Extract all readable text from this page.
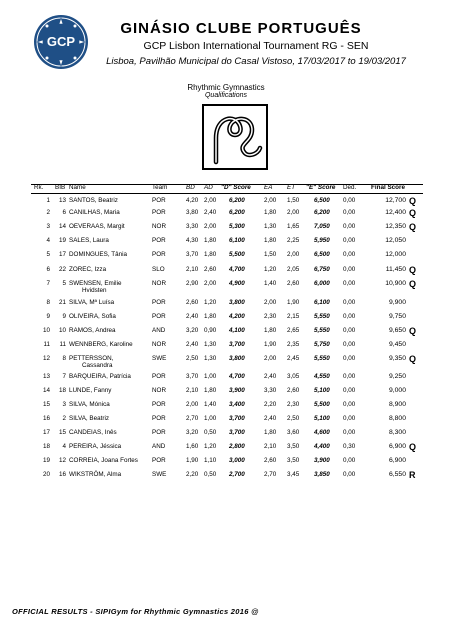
GCP
GINÁSIO CLUBE PORTUGUÊS
GCP Lisbon International Tournament RG - SEN
Lisboa, Pavilhão Municipal do Casal Vistoso, 17/03/2017 to 19/03/2017
Rhythmic Gymnastics
Qualifications
Rk. BIB Name	Team	BD AD "D" Score EA ET "E" Score Ded. Final Score
1 13 SANTOS, Beatriz	POR	4,20 2,00 6,200	2,00 1,50 6,500 0,00	12,700 Q
2 6 CANILHAS, Maria	POR	3,80 2,40 6,200	1,80 2,00 6,200 0,00	12,400 Q
3 14 OEVERAAS, Margit	NOR	3,30 2,00 5,300	1,30 1,65 7,050 0,00	12,350 Q
4 19 SALES, Laura	POR	4,30 1,80 6,100	1,80 2,25 5,950 0,00	12,050
5 17 DOMINGUES, Tânia	POR	3,70 1,80 5,500	1,50 2,00 6,500 0,00	12,000
6 22 ZOREC, Izza	SLO	2,10 2,60 4,700	1,20 2,05 6,750 0,00	11,450 Q
7 5 SWENSEN, Emilie	NOR	2,90 2,00 4,900	1,40 2,60 6,000 0,00	10,900 Q
Hvidsten
8 21 SILVA, Mª Luísa	POR	2,60 1,20 3,800	2,00 1,90 6,100 0,00	9,900
9 9 OLIVEIRA, Sofia	POR	2,40 1,80 4,200	2,30 2,15 5,550 0,00	9,750
10 10 RAMOS, Andrea	AND	3,20 0,90 4,100	1,80 2,65 5,550 0,00	9,650 Q
11 11 WENNBERG, Karoline	NOR	2,40 1,30 3,700	1,90 2,35 5,750 0,00	9,450
12 8 PETTERSSON,	SWE	2,50 1,30 3,800	2,00 2,45 5,550 0,00	9,350 Q
Cassandra
13 7 BARQUEIRA, Patrícia	POR	3,70 1,00 4,700	2,40 3,05 4,550 0,00	9,250
14 18 LUNDE, Fanny	NOR	2,10 1,80 3,900	3,30 2,60 5,100 0,00	9,000
15 3 SILVA, Mónica	POR	2,00 1,40 3,400	2,20 2,30 5,500 0,00	8,900
16 2 SILVA, Beatriz	POR	2,70 1,00 3,700	2,40 2,50 5,100 0,00	8,800
17 15 CANDEIAS, Inês	POR	3,20 0,50 3,700	1,80 3,60 4,600 0,00	8,300
18 4 PEREIRA, Jéssica	AND	1,60 1,20 2,800	2,10 3,50 4,400 0,30	6,900 Q
19 12 CORREIA, Joana Fortes POR	1,90 1,10 3,000	2,60 3,50 3,900 0,00	6,900
20 16 WIKSTRÖM, Alma	SWE	2,20 0,50 2,700	2,70 3,45 3,850 0,00	6,550 R
OFFICIAL RESULTS - SIPIGym for Rhythmic Gymnastics 2016 @
